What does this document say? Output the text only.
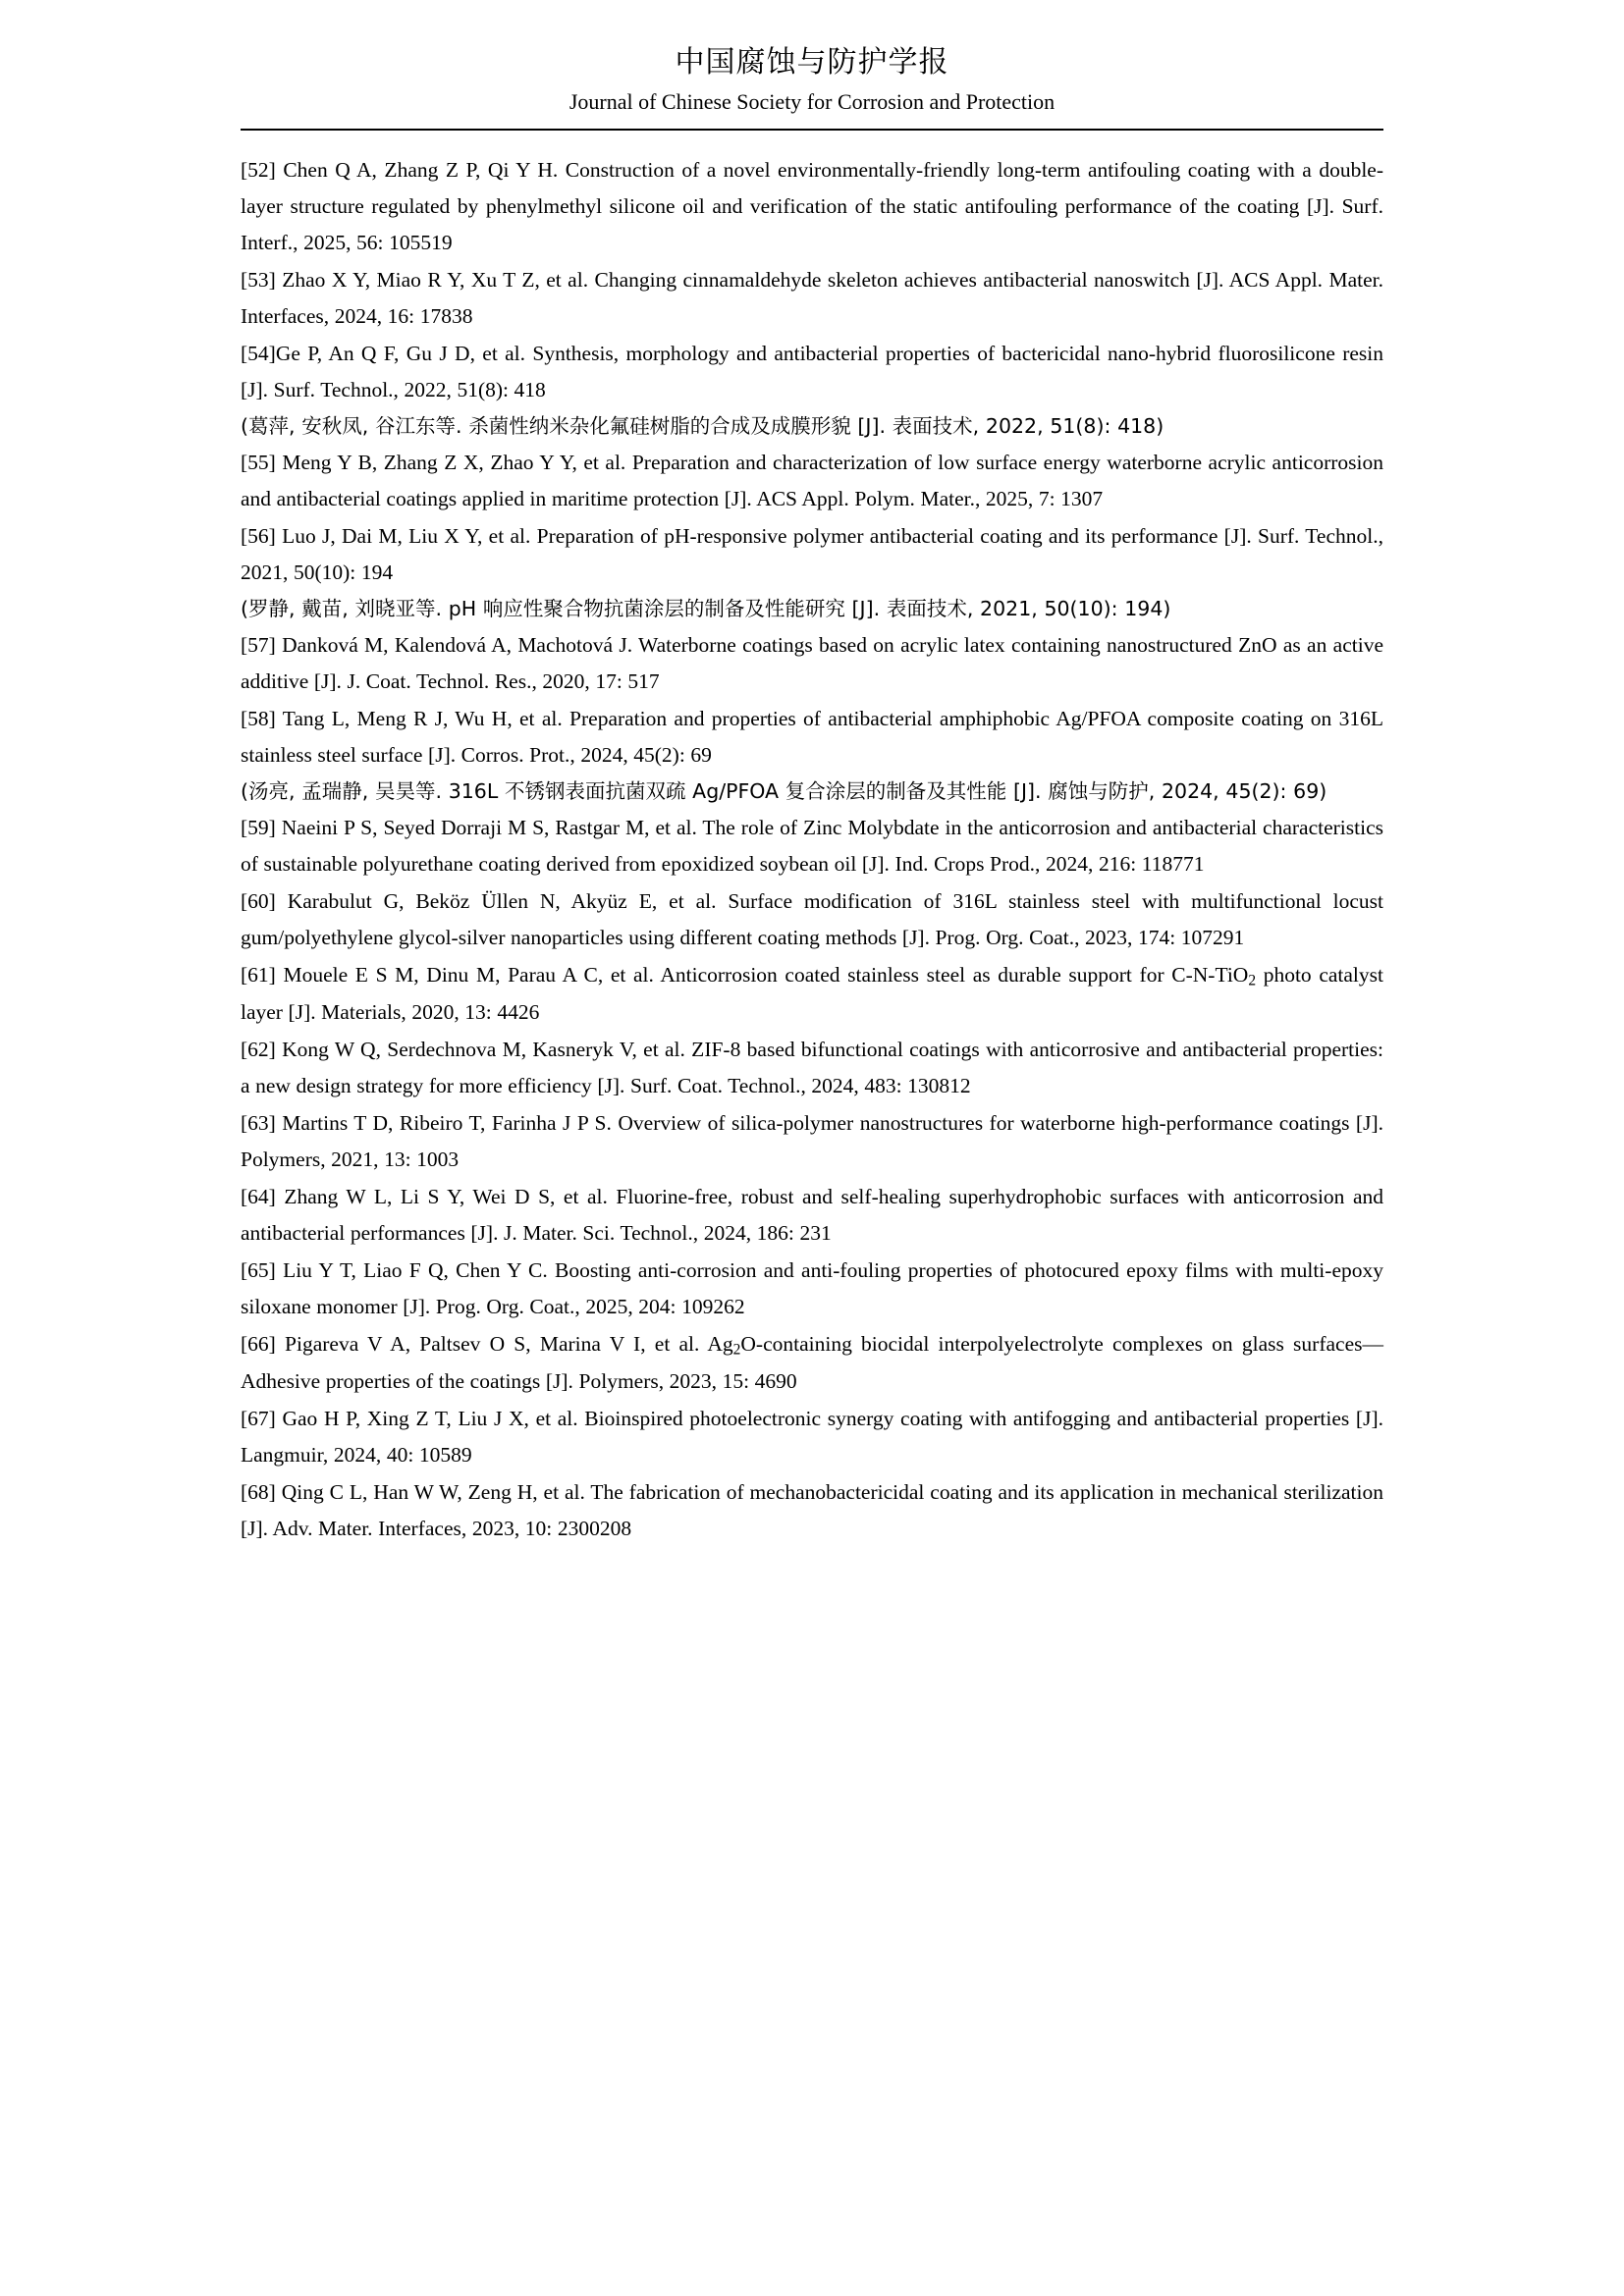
中国腐蚀与防护学报
Journal of Chinese Society for Corrosion and Protection

[52] Chen Q A, Zhang Z P, Qi Y H. Construction of a novel environmentally-friendly long-term antifouling coating with a double-layer structure regulated by phenylmethyl silicone oil and verification of the static antifouling performance of the coating [J]. Surf. Interf., 2025, 56: 105519

[53] Zhao X Y, Miao R Y, Xu T Z, et al. Changing cinnamaldehyde skeleton achieves antibacterial nanoswitch [J]. ACS Appl. Mater. Interfaces, 2024, 16: 17838

[54]Ge P, An Q F, Gu J D, et al. Synthesis, morphology and antibacterial properties of bactericidal nano-hybrid fluorosilicone resin [J]. Surf. Technol., 2022, 51(8): 418

(葛萍, 安秋凤, 谷江东等. 杀菌性纳米杂化氟硅树脂的合成及成膜形貌 [J]. 表面技术, 2022, 51(8): 418)

[55] Meng Y B, Zhang Z X, Zhao Y Y, et al. Preparation and characterization of low surface energy waterborne acrylic anticorrosion and antibacterial coatings applied in maritime protection [J]. ACS Appl. Polym. Mater., 2025, 7: 1307

[56] Luo J, Dai M, Liu X Y, et al. Preparation of pH-responsive polymer antibacterial coating and its performance [J]. Surf. Technol., 2021, 50(10): 194

(罗静, 戴苗, 刘晓亚等. pH 响应性聚合物抗菌涂层的制备及性能研究 [J]. 表面技术, 2021, 50(10): 194)

[57] Danková M, Kalendová A, Machotová J. Waterborne coatings based on acrylic latex containing nanostructured ZnO as an active additive [J]. J. Coat. Technol. Res., 2020, 17: 517

[58] Tang L, Meng R J, Wu H, et al. Preparation and properties of antibacterial amphiphobic Ag/PFOA composite coating on 316L stainless steel surface [J]. Corros. Prot., 2024, 45(2): 69

(汤亮, 孟瑞静, 吴昊等. 316L 不锈钢表面抗菌双疏 Ag/PFOA 复合涂层的制备及其性能 [J]. 腐蚀与防护, 2024, 45(2): 69)

[59] Naeini P S, Seyed Dorraji M S, Rastgar M, et al. The role of Zinc Molybdate in the anticorrosion and antibacterial characteristics of sustainable polyurethane coating derived from epoxidized soybean oil [J]. Ind. Crops Prod., 2024, 216: 118771

[60] Karabulut G, Beköz Üllen N, Akyüz E, et al. Surface modification of 316L stainless steel with multifunctional locust gum/polyethylene glycol-silver nanoparticles using different coating methods [J]. Prog. Org. Coat., 2023, 174: 107291

[61] Mouele E S M, Dinu M, Parau A C, et al. Anticorrosion coated stainless steel as durable support for C-N-TiO$_2$ photo catalyst layer [J]. Materials, 2020, 13: 4426

[62] Kong W Q, Serdechnova M, Kasneryk V, et al. ZIF-8 based bifunctional coatings with anticorrosive and antibacterial properties: a new design strategy for more efficiency [J]. Surf. Coat. Technol., 2024, 483: 130812

[63] Martins T D, Ribeiro T, Farinha J P S. Overview of silica-polymer nanostructures for waterborne high-performance coatings [J]. Polymers, 2021, 13: 1003

[64] Zhang W L, Li S Y, Wei D S, et al. Fluorine-free, robust and self-healing superhydrophobic surfaces with anticorrosion and antibacterial performances [J]. J. Mater. Sci. Technol., 2024, 186: 231

[65] Liu Y T, Liao F Q, Chen Y C. Boosting anti-corrosion and anti-fouling properties of photocured epoxy films with multi-epoxy siloxane monomer [J]. Prog. Org. Coat., 2025, 204: 109262

[66] Pigareva V A, Paltsev O S, Marina V I, et al. $Ag_2O$-containing biocidal interpolyelectrolyte complexes on glass surfaces—Adhesive properties of the coatings [J]. Polymers, 2023, 15: 4690

[67] Gao H P, Xing Z T, Liu J X, et al. Bioinspired photoelectronic synergy coating with antifogging and antibacterial properties [J]. Langmuir, 2024, 40: 10589

[68] Qing C L, Han W W, Zeng H, et al. The fabrication of mechanobactericidal coating and its application in mechanical sterilization [J]. Adv. Mater. Interfaces, 2023, 10: 2300208
